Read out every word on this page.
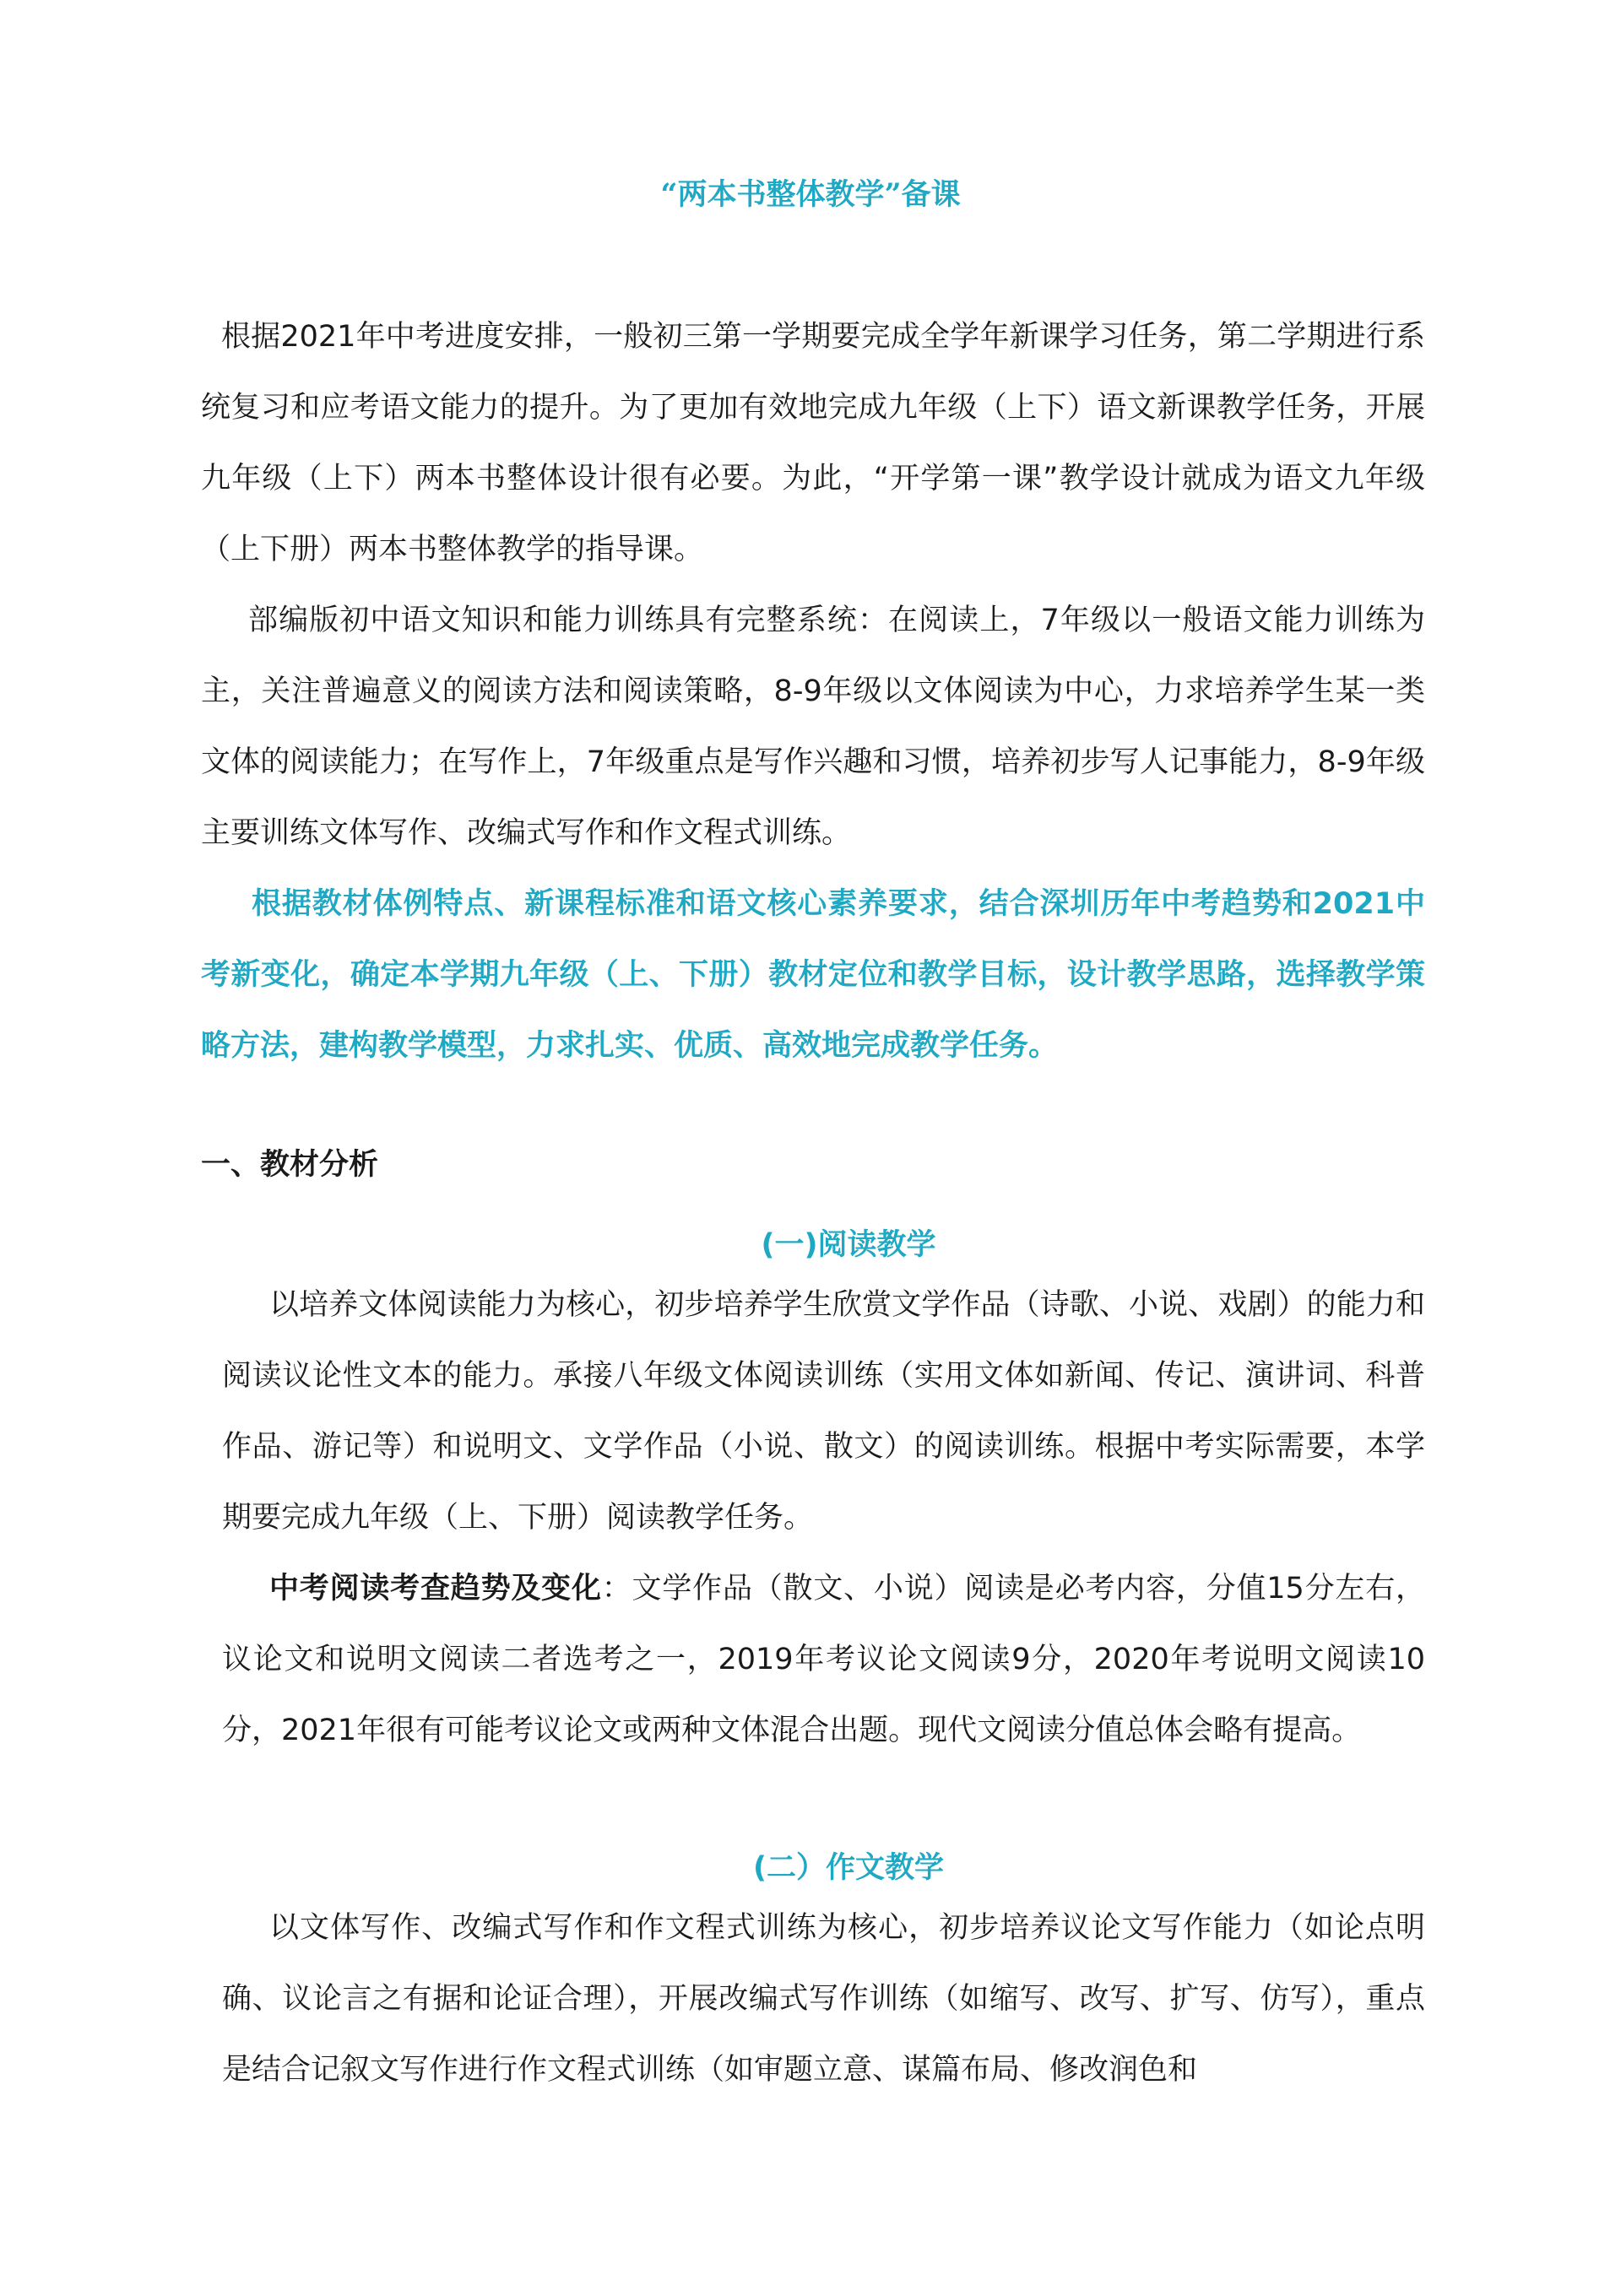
“两本书整体教学”备课

根据2021年中考进度安排，一般初三第一学期要完成全学年新课学习任务，第二学期进行系统复习和应考语文能力的提升。为了更加有效地完成九年级（上下）语文新课教学任务，开展九年级（上下）两本书整体设计很有必要。为此，“开学第一课”教学设计就成为语文九年级（上下册）两本书整体教学的指导课。

部编版初中语文知识和能力训练具有完整系统：在阅读上，7年级以一般语文能力训练为主，关注普遍意义的阅读方法和阅读策略，8-9年级以文体阅读为中心，力求培养学生某一类文体的阅读能力；在写作上，7年级重点是写作兴趣和习惯，培养初步写人记事能力，8-9年级主要训练文体写作、改编式写作和作文程式训练。

根据教材体例特点、新课程标准和语文核心素养要求，结合深圳历年中考趋势和2021中考新变化，确定本学期九年级（上、下册）教材定位和教学目标，设计教学思路，选择教学策略方法，建构教学模型，力求扎实、优质、高效地完成教学任务。

一、教材分析
(一)阅读教学

以培养文体阅读能力为核心，初步培养学生欣赏文学作品（诗歌、小说、戏剧）的能力和阅读议论性文本的能力。承接八年级文体阅读训练（实用文体如新闻、传记、演讲词、科普作品、游记等）和说明文、文学作品（小说、散文）的阅读训练。根据中考实际需要，本学期要完成九年级（上、下册）阅读教学任务。

中考阅读考查趋势及变化：文学作品（散文、小说）阅读是必考内容，分值15分左右，议论文和说明文阅读二者选考之一，2019年考议论文阅读9分，2020年考说明文阅读10分，2021年很有可能考议论文或两种文体混合出题。现代文阅读分值总体会略有提高。

(二）作文教学

以文体写作、改编式写作和作文程式训练为核心，初步培养议论文写作能力（如论点明确、议论言之有据和论证合理），开展改编式写作训练（如缩写、改写、扩写、仿写），重点是结合记叙文写作进行作文程式训练（如审题立意、谋篇布局、修改润色和
